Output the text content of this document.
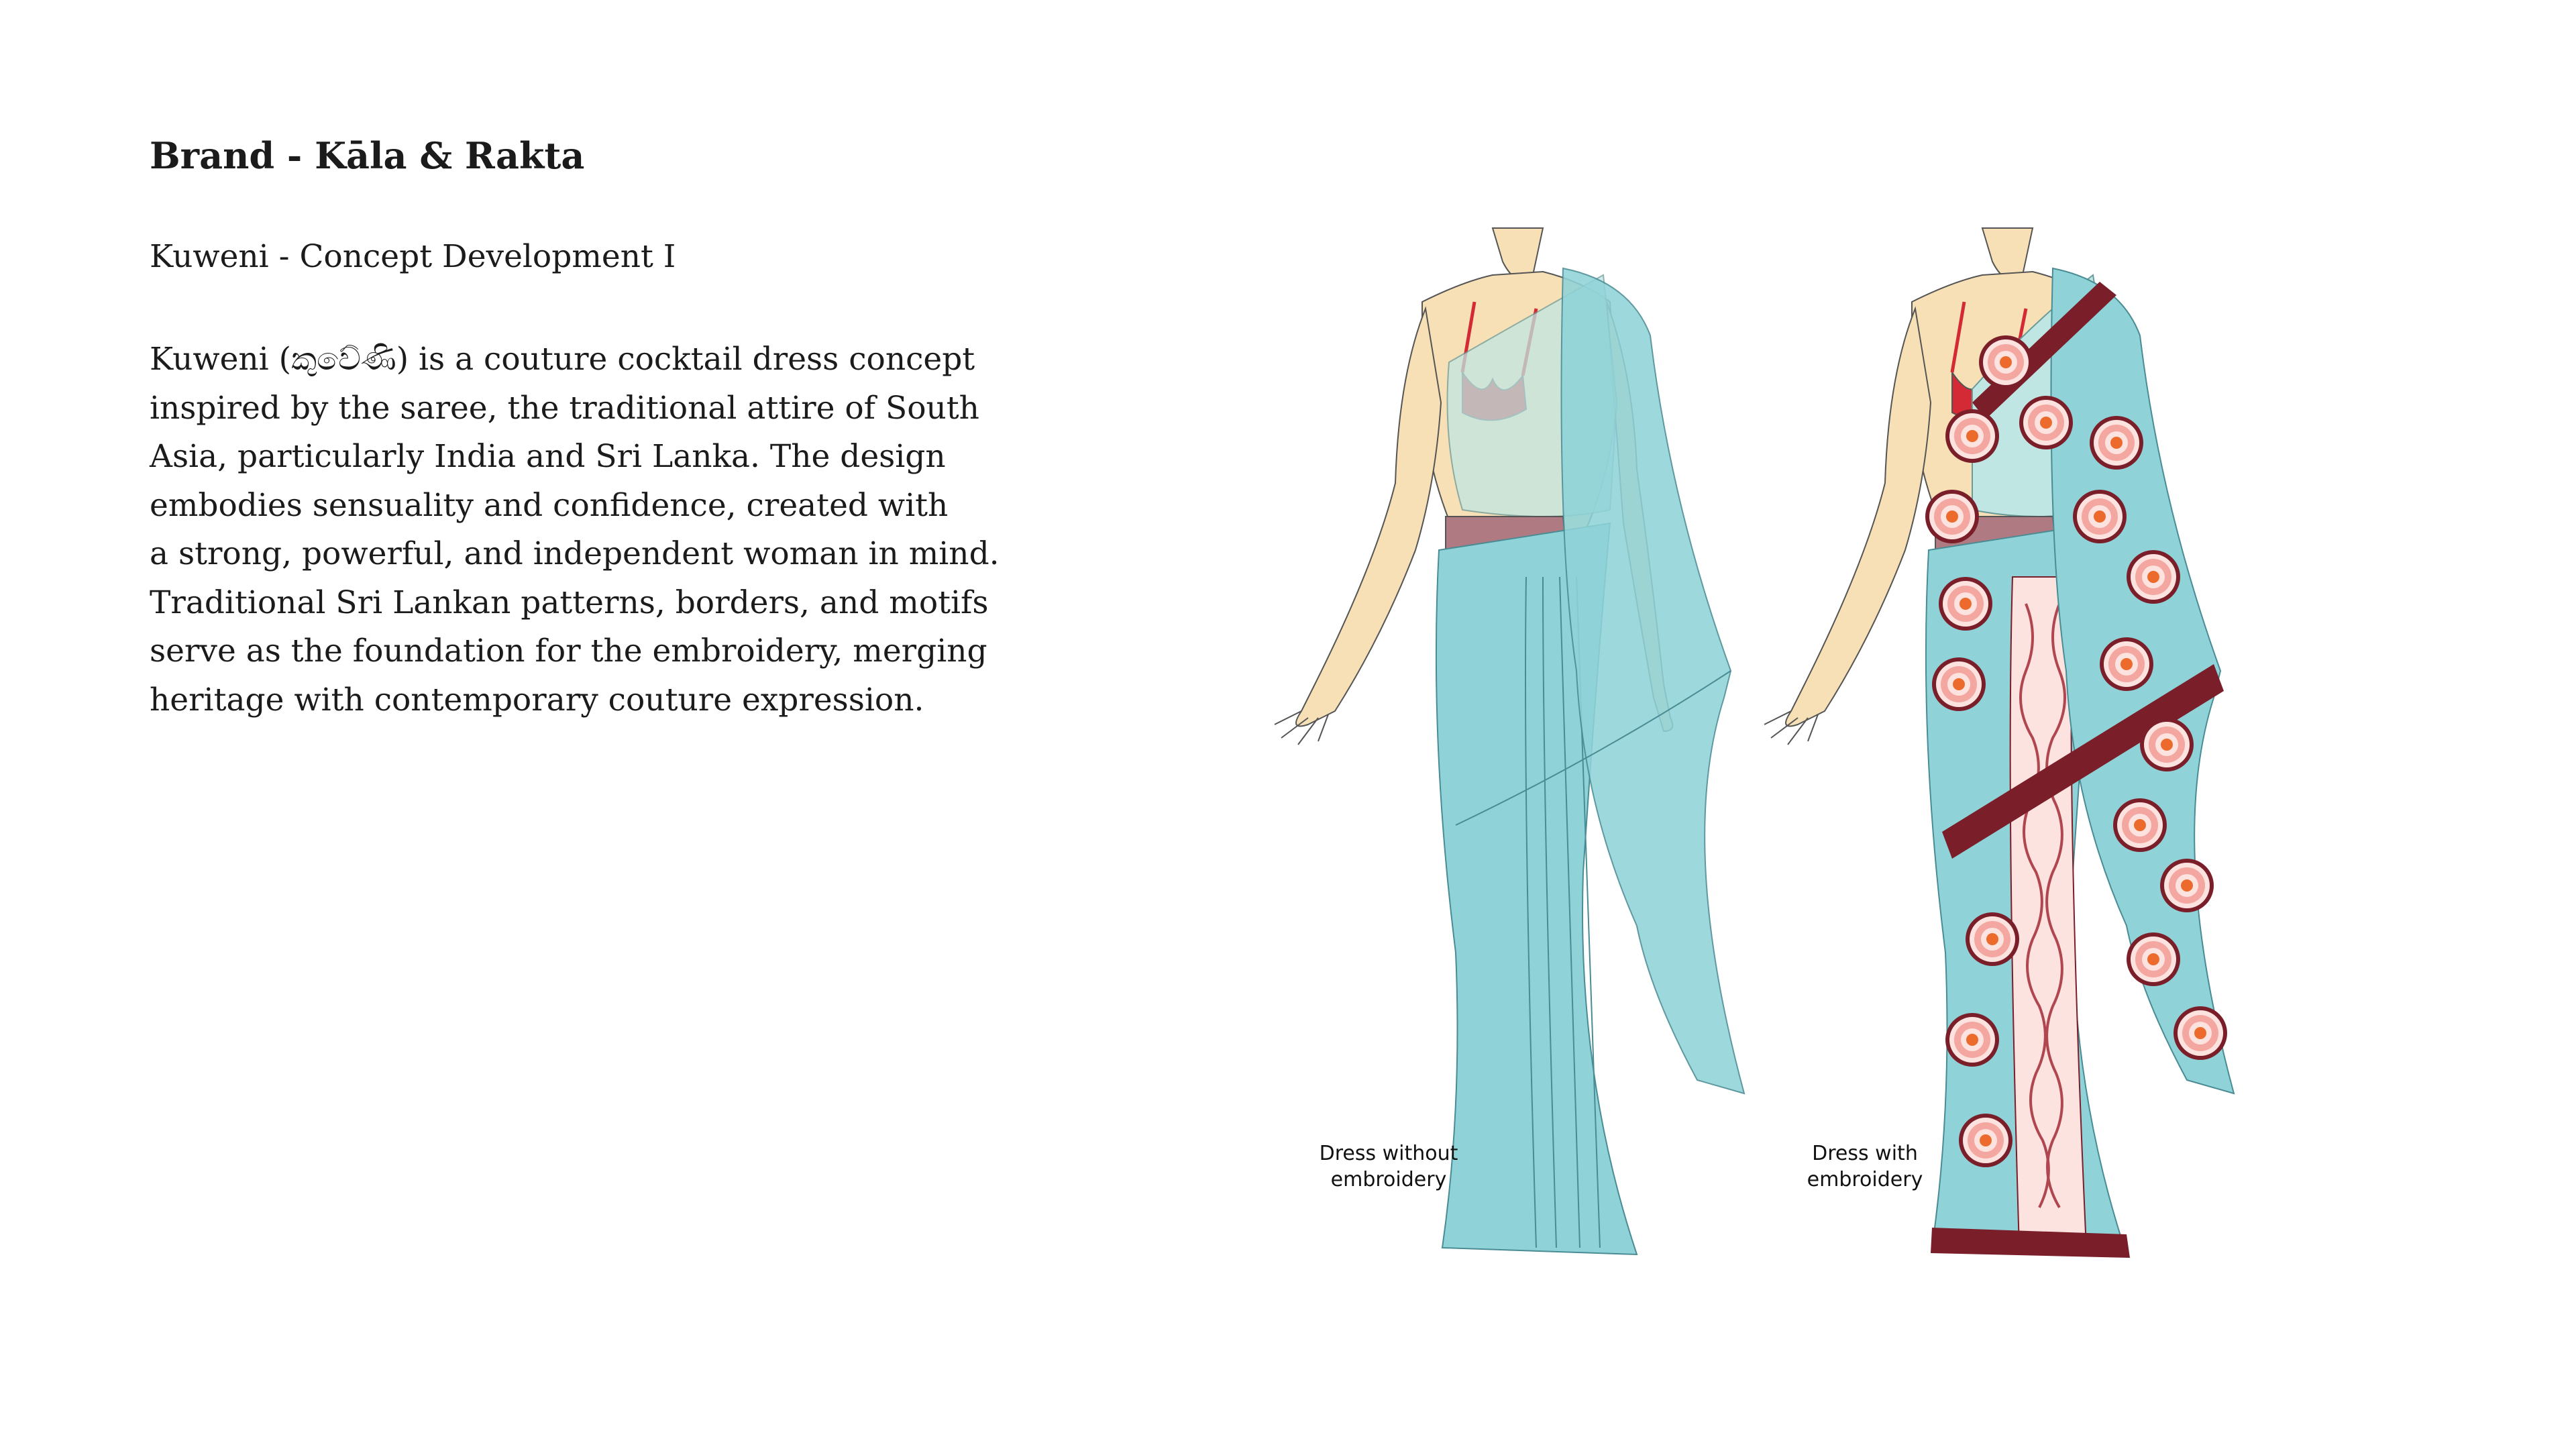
Brand - Kāla & Rakta
Kuweni - Concept Development I
Kuweni (කුවේණි) is a couture cocktail dress concept
inspired by the saree, the traditional attire of South
Asia, particularly India and Sri Lanka. The design
embodies sensuality and confidence, created with
a strong, powerful, and independent woman in mind.
Traditional Sri Lankan patterns, borders, and motifs
serve as the foundation for the embroidery, merging
heritage with contemporary couture expression.
Dress without
embroidery
Dress with
embroidery
